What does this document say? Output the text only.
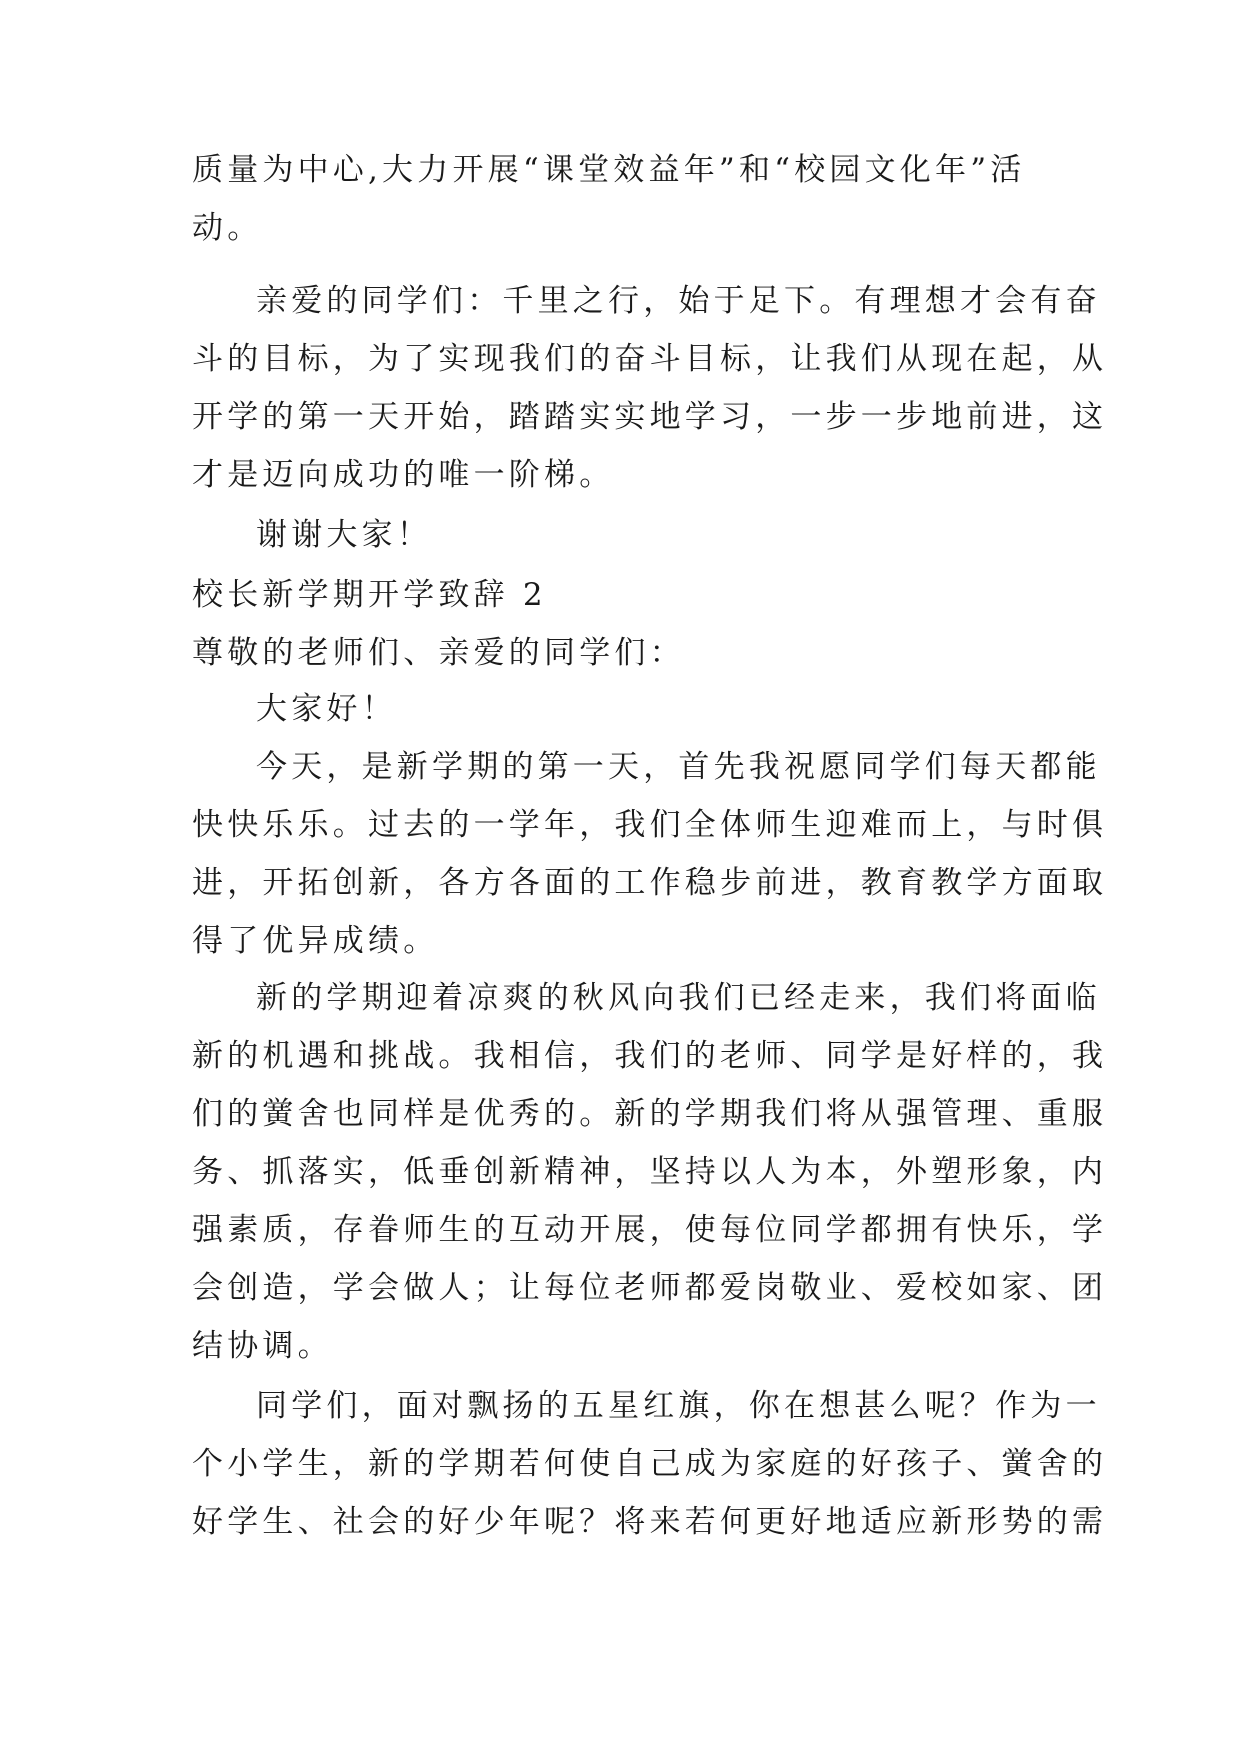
质量为中心,大力开展“课堂效益年”和“校园文化年”活
动。
亲爱的同学们：千里之行，始于足下。有理想才会有奋
斗的目标，为了实现我们的奋斗目标，让我们从现在起，从
开学的第一天开始，踏踏实实地学习，一步一步地前进，这
才是迈向成功的唯一阶梯。
谢谢大家！
校长新学期开学致辞 2
尊敬的老师们、亲爱的同学们：
大家好！
今天，是新学期的第一天，首先我祝愿同学们每天都能
快快乐乐。过去的一学年，我们全体师生迎难而上，与时俱
进，开拓创新，各方各面的工作稳步前进，教育教学方面取
得了优异成绩。
新的学期迎着凉爽的秋风向我们已经走来，我们将面临
新的机遇和挑战。我相信，我们的老师、同学是好样的，我
们的黉舍也同样是优秀的。新的学期我们将从强管理、重服
务、抓落实，低垂创新精神，坚持以人为本，外塑形象，内
强素质，存眷师生的互动开展，使每位同学都拥有快乐，学
会创造，学会做人；让每位老师都爱岗敬业、爱校如家、团
结协调。
同学们，面对飘扬的五星红旗，你在想甚么呢？作为一
个小学生，新的学期若何使自己成为家庭的好孩子、黉舍的
好学生、社会的好少年呢？将来若何更好地适应新形势的需
